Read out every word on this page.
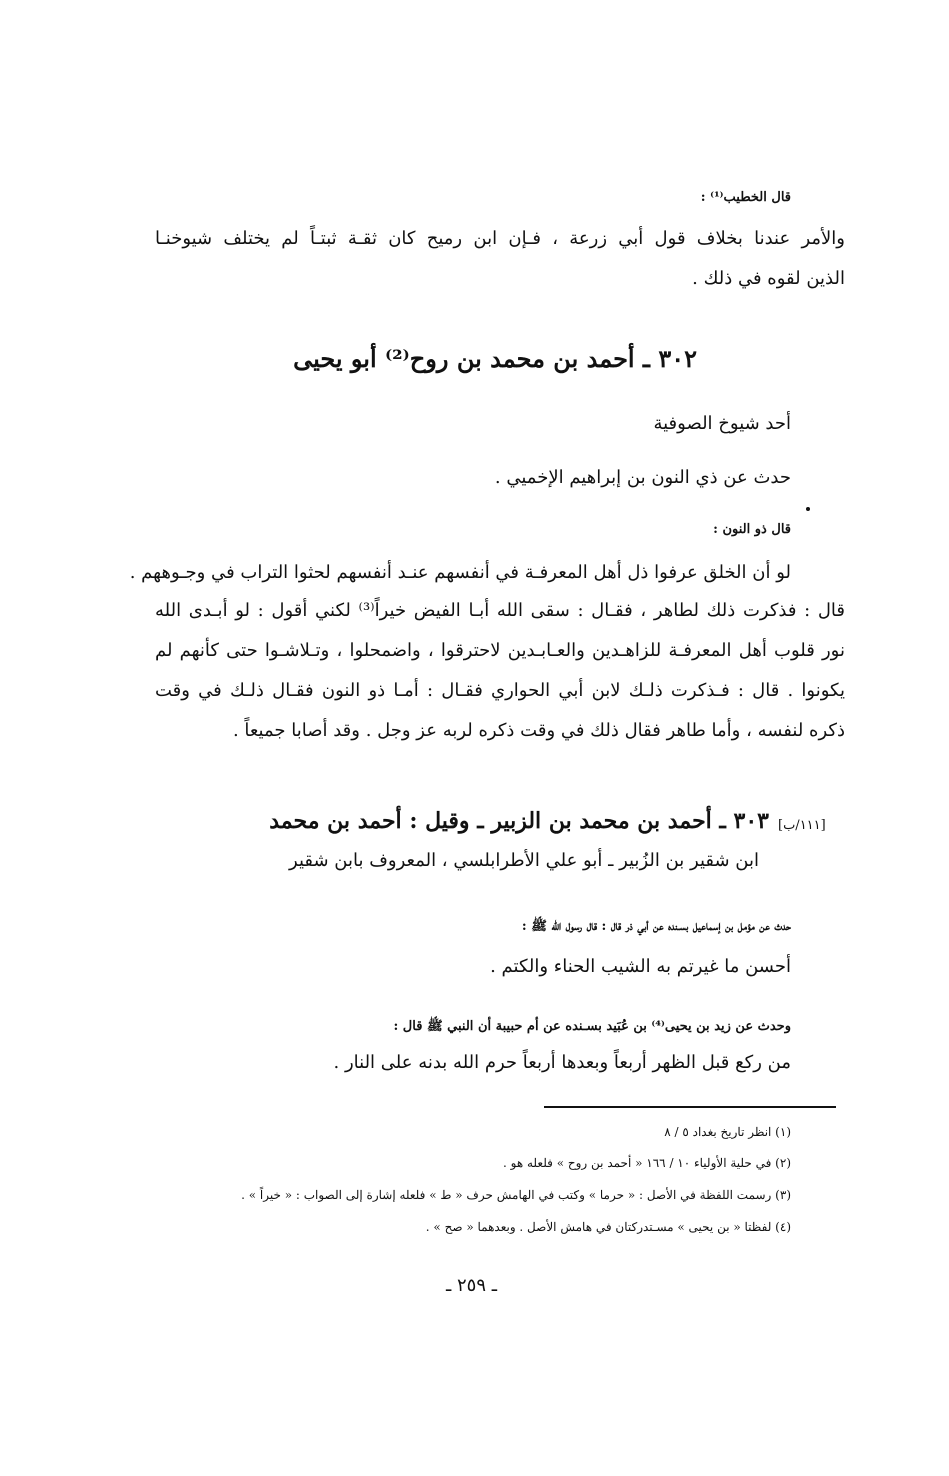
قال الخطيب⁽¹⁾ :
والأمر عندنا بخلاف قول أبي زرعة ، فـإن ابن رميح كان ثقـة ثبتـاً لم يختلف شيوخنـا
الذين لقوه في ذلك .
٣٠٢ ـ أحمد بن محمد بن روح⁽²⁾ أبو يحيى
أحد شيوخ الصوفية
حدث عن ذي النون بن إبراهيم الإخميي .
قال ذو النون :
لو أن الخلق عرفوا ذل أهل المعرفـة في أنفسهم عنـد أنفسهم لحثوا التراب في وجـوههم .
قال : فذكرت ذلك لطاهر ، فقـال : سقى الله أبـا الفيض خيراً⁽³⁾ لكني أقول : لو أبـدى الله
نور قلوب أهل المعرفـة للزاهـدين والعـابـدين لاحترقوا ، واضمحلوا ، وتـلاشـوا حتى كأنهم لم
يكونوا . قال : فـذكرت ذلـك لابن أبي الحواري فقـال : أمـا ذو النون فقـال ذلـك في وقت
ذكره لنفسه ، وأما طاهر فقال ذلك في وقت ذكره لربه عز وجل . وقد أصابا جميعاً .
[١١١/ب]
٣٠٣ ـ أحمد بن محمد بن الزبير ـ وقيل : أحمد بن محمد
ابن شقير بن الزُبير ـ أبو علي الأطرابلسي ، المعروف بابن شقير
حدث عن مؤمل بن إسماعيل بسـنده عن أبي ذر قال : قال رسول الله ﷺ :
أحسن ما غيرتم به الشيب الحناء والكتم .
وحدث عن زيد بن يحيى⁽⁴⁾ بن عُبَيد بسـنده عن أم حبيبة أن النبي ﷺ قال :
من ركع قبل الظهر أربعاً وبعدها أربعاً حرم الله بدنه على النار .
(١) انظر تاريخ بغداد ٥ / ٨
(٢) في حلية الأولياء ١٠ / ١٦٦ « أحمد بن روح » فلعله هو .
(٣) رسمت اللفظة في الأصل : « حرما » وكتب في الهامش حرف « ط » فلعله إشارة إلى الصواب : « خيراً » .
(٤) لفظتا « بن يحيى » مسـتدركتان في هامش الأصل . وبعدهما « صح » .
ـ ٢٥٩ ـ
